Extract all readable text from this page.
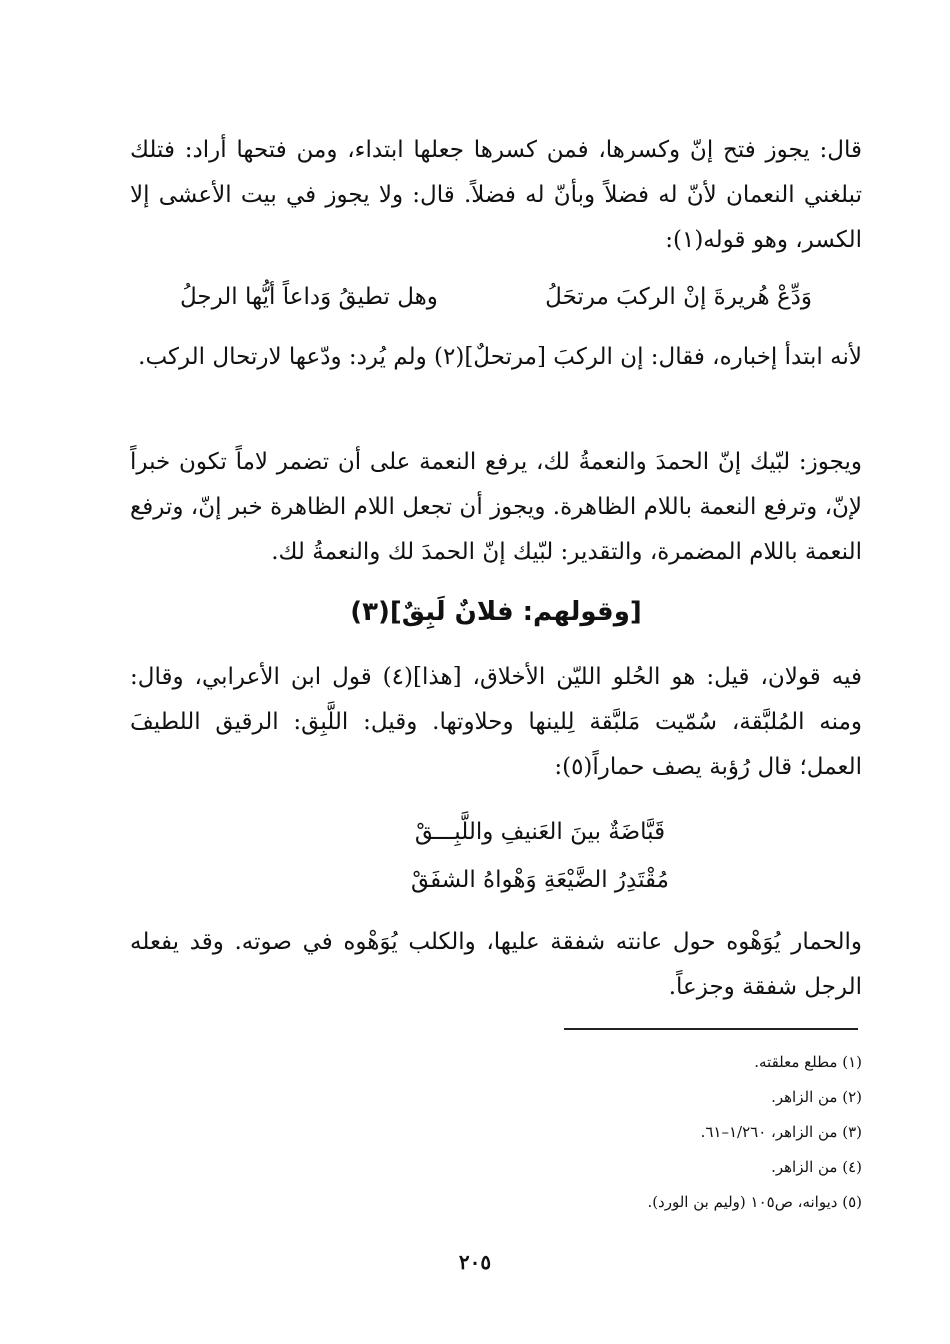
قال: يجوز فتح إنّ وكسرها، فمن كسرها جعلها ابتداء، ومن فتحها أراد: فتلك تبلغني النعمان لأنّ له فضلاً وبأنّ له فضلاً. قال: ولا يجوز في بيت الأعشى إلا الكسر، وهو قوله(١):
وَدِّعْ هُريرةَ إنْ الركبَ مرتحَلُ وهل تطيقُ وَداعاً أيُّها الرجلُ
لأنه ابتدأ إخباره، فقال: إن الركبَ [مرتحلٌ](٢) ولم يُرد: ودّعها لارتحال الركب.
ويجوز: لبّيك إنّ الحمدَ والنعمةُ لك، يرفع النعمة على أن تضمر لاماً تكون خبراً لإنّ، وترفع النعمة باللام الظاهرة. ويجوز أن تجعل اللام الظاهرة خبر إنّ، وترفع النعمة باللام المضمرة، والتقدير: لبّيك إنّ الحمدَ لك والنعمةُ لك.
[وقولهم: فلانٌ لَبِقٌ](٣)
فيه قولان، قيل: هو الحُلو الليّن الأخلاق، [هذا](٤) قول ابن الأعرابي، وقال: ومنه المُلبَّقة، سُمّيت مَلبَّقة لِلينها وحلاوتها. وقيل: اللَّبِق: الرقيق اللطيفَ العمل؛ قال رُؤبة يصف حماراً(٥):
قَبَّاضَةٌ بينَ العَنيفِ واللَّبِـــقْ
مُقْتَدِرُ الضَّيْعَةِ وَهْواهُ الشفَقْ
والحمار يُوَهْوه حول عانته شفقة عليها، والكلب يُوَهْوه في صوته. وقد يفعله الرجل شفقة وجزعاً.
(١) مطلع معلقته.
(٢) من الزاهر.
(٣) من الزاهر، ١/٢٦٠–٦١.
(٤) من الزاهر.
(٥) ديوانه، ص١٠٥ (وليم بن الورد).
٢٠٥
